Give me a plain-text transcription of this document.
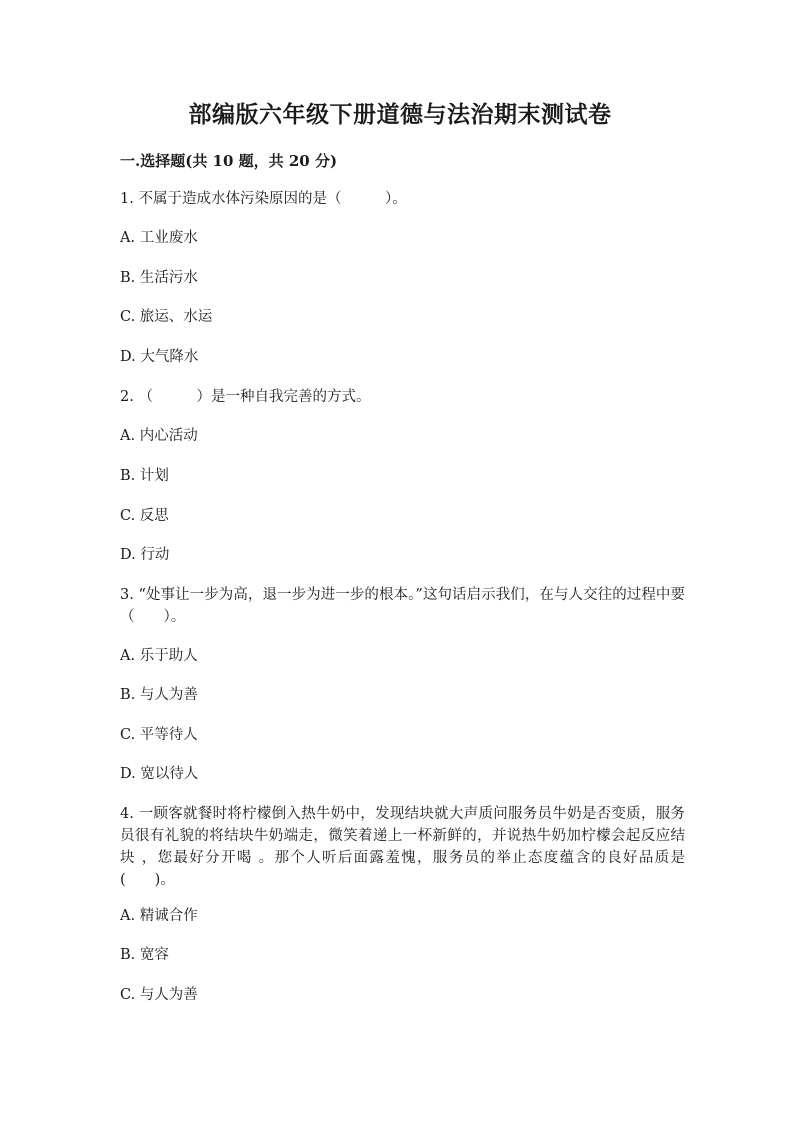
部编版六年级下册道德与法治期末测试卷
一.选择题(共 10 题，共 20 分)
1. 不属于造成水体污染原因的是（　　　）。
A. 工业废水
B. 生活污水
C. 旅运、水运
D. 大气降水
2. （　　　）是一种自我完善的方式。
A. 内心活动
B. 计划
C. 反思
D. 行动
3. “处事让一步为高，退一步为进一步的根本。”这句话启示我们，在与人交往的过程中要（　　）。
A. 乐于助人
B. 与人为善
C. 平等待人
D. 宽以待人
4. 一顾客就餐时将柠檬倒入热牛奶中，发现结块就大声质问服务员牛奶是否变质，服务员很有礼貌的将结块牛奶端走，微笑着递上一杯新鲜的，并说热牛奶加柠檬会起反应结块 ，您最好分开喝 。那个人听后面露羞愧，服务员的举止态度蕴含的良好品质是(　　)。
A. 精诚合作
B. 宽容
C. 与人为善
